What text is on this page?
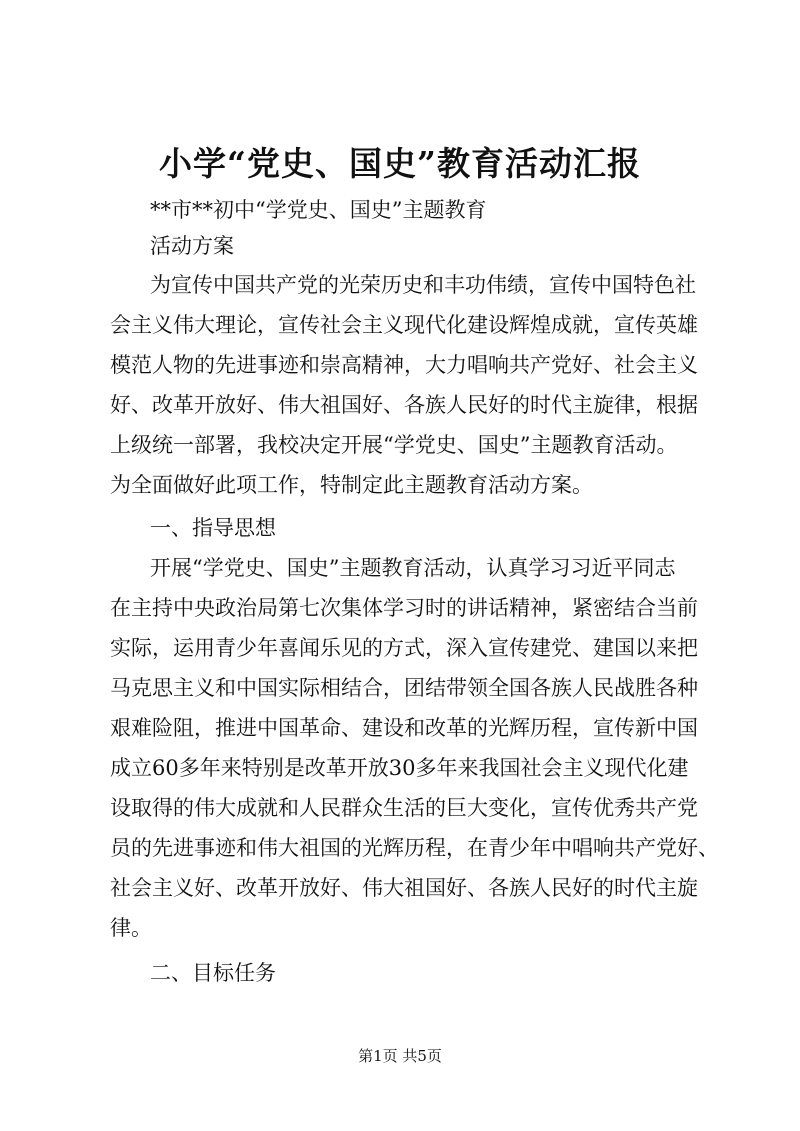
小学“党史、国史”教育活动汇报
**市**初中“学党史、国史”主题教育
活动方案
为宣传中国共产党的光荣历史和丰功伟绩，宣传中国特色社
会主义伟大理论，宣传社会主义现代化建设辉煌成就，宣传英雄
模范人物的先进事迹和崇高精神，大力唱响共产党好、社会主义
好、改革开放好、伟大祖国好、各族人民好的时代主旋律，根据
上级统一部署，我校决定开展“学党史、国史”主题教育活动。
为全面做好此项工作，特制定此主题教育活动方案。
一、指导思想
开展“学党史、国史”主题教育活动，认真学习习近平同志
在主持中央政治局第七次集体学习时的讲话精神，紧密结合当前
实际，运用青少年喜闻乐见的方式，深入宣传建党、建国以来把
马克思主义和中国实际相结合，团结带领全国各族人民战胜各种
艰难险阻，推进中国革命、建设和改革的光辉历程，宣传新中国
成立60多年来特别是改革开放30多年来我国社会主义现代化建
设取得的伟大成就和人民群众生活的巨大变化，宣传优秀共产党
员的先进事迹和伟大祖国的光辉历程，在青少年中唱响共产党好、
社会主义好、改革开放好、伟大祖国好、各族人民好的时代主旋
律。
二、目标任务
第1页 共5页
